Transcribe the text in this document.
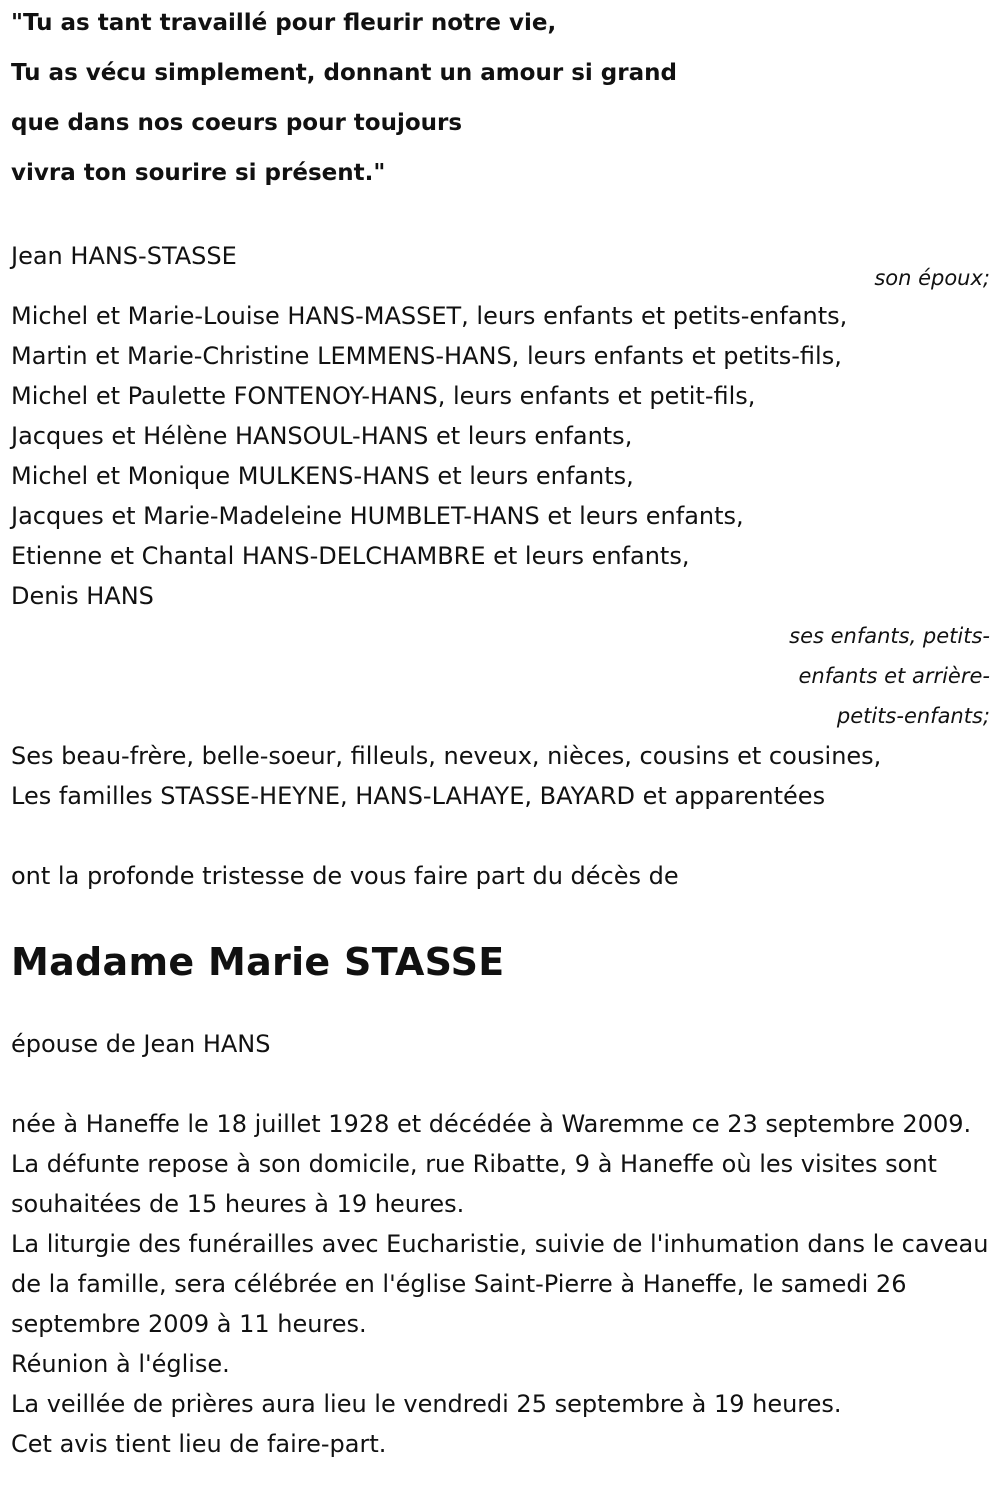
"Tu as tant travaillé pour fleurir notre vie,
Tu as vécu simplement, donnant un amour si grand
que dans nos coeurs pour toujours
vivra ton sourire si présent."
Jean HANS-STASSE
son époux;
Michel et Marie-Louise HANS-MASSET, leurs enfants et petits-enfants,
Martin et Marie-Christine LEMMENS-HANS, leurs enfants et petits-fils,
Michel et Paulette FONTENOY-HANS, leurs enfants et petit-fils,
Jacques et Hélène HANSOUL-HANS et leurs enfants,
Michel et Monique MULKENS-HANS et leurs enfants,
Jacques et Marie-Madeleine HUMBLET-HANS et leurs enfants,
Etienne et Chantal HANS-DELCHAMBRE et leurs enfants,
Denis HANS
ses enfants, petits-
enfants et arrière-
petits-enfants;
Ses beau-frère, belle-soeur, filleuls, neveux, nièces, cousins et cousines,
Les familles STASSE-HEYNE, HANS-LAHAYE, BAYARD et apparentées
ont la profonde tristesse de vous faire part du décès de
Madame Marie STASSE
épouse de Jean HANS
née à Haneffe le 18 juillet 1928 et décédée à Waremme ce 23 septembre 2009.
La défunte repose à son domicile, rue Ribatte, 9 à Haneffe où les visites sont souhaitées de 15 heures à 19 heures.
La liturgie des funérailles avec Eucharistie, suivie de l'inhumation dans le caveau de la famille, sera célébrée en l'église Saint-Pierre à Haneffe, le samedi 26 septembre 2009 à 11 heures.
Réunion à l'église.
La veillée de prières aura lieu le vendredi 25 septembre à 19 heures.
Cet avis tient lieu de faire-part.
